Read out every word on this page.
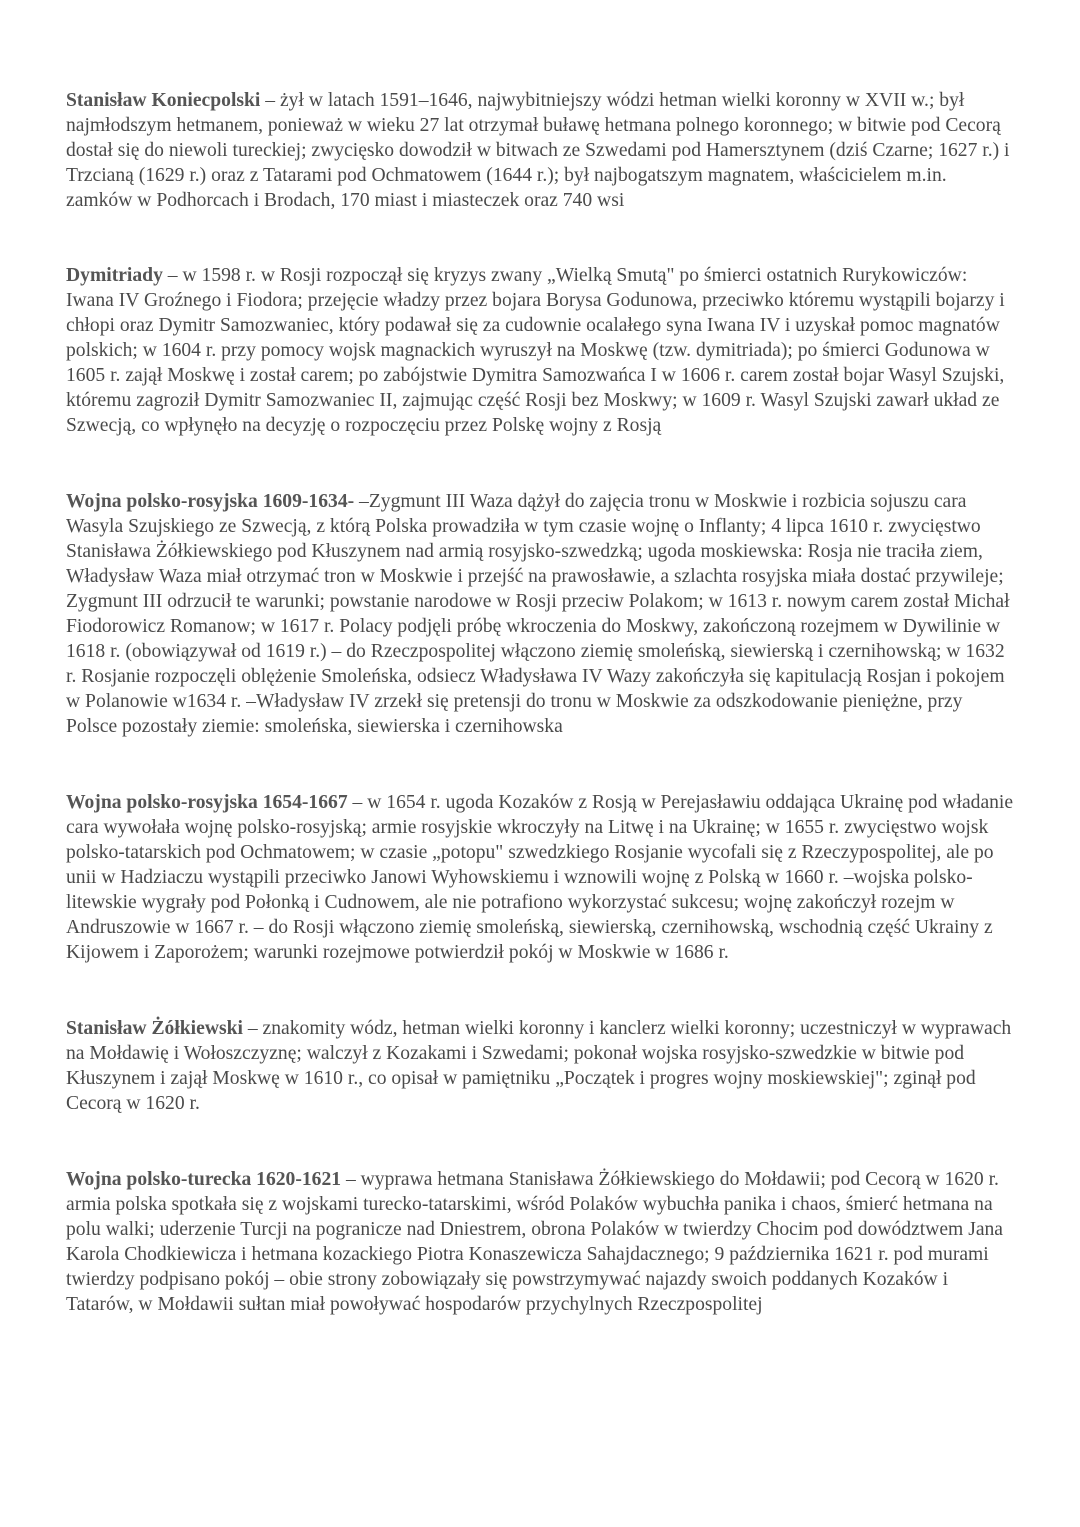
Stanisław Koniecpolski – żył w latach 1591–1646, najwybitniejszy wódzi hetman wielki koronny w XVII w.; był najmłodszym hetmanem, ponieważ w wieku 27 lat otrzymał buławę hetmana polnego koronnego; w bitwie pod Cecorą dostał się do niewoli tureckiej; zwycięsko dowodził w bitwach ze Szwedami pod Hamersztynem (dziś Czarne; 1627 r.) i Trzcianą (1629 r.) oraz z Tatarami pod Ochmatowem (1644 r.); był najbogatszym magnatem, właścicielem m.in. zamków w Podhorcach i Brodach, 170 miast i miasteczek oraz 740 wsi

Dymitriady – w 1598 r. w Rosji rozpoczął się kryzys zwany „Wielką Smutą" po śmierci ostatnich Rurykowiczów: Iwana IV Groźnego i Fiodora; przejęcie władzy przez bojara Borysa Godunowa, przeciwko któremu wystąpili bojarzy i chłopi oraz Dymitr Samozwaniec, który podawał się za cudownie ocalałego syna Iwana IV i uzyskał pomoc magnatów polskich; w 1604 r. przy pomocy wojsk magnackich wyruszył na Moskwę (tzw. dymitriada); po śmierci Godunowa w 1605 r. zajął Moskwę i został carem; po zabójstwie Dymitra Samozwańca I w 1606 r. carem został bojar Wasyl Szujski, któremu zagroził Dymitr Samozwaniec II, zajmując część Rosji bez Moskwy; w 1609 r. Wasyl Szujski zawarł układ ze Szwecją, co wpłynęło na decyzję o rozpoczęciu przez Polskę wojny z Rosją

Wojna polsko-rosyjska 1609-1634- –Zygmunt III Waza dążył do zajęcia tronu w Moskwie i rozbicia sojuszu cara Wasyla Szujskiego ze Szwecją, z którą Polska prowadziła w tym czasie wojnę o Inflanty; 4 lipca 1610 r. zwycięstwo Stanisława Żółkiewskiego pod Kłuszynem nad armią rosyjsko-szwedzką; ugoda moskiewska: Rosja nie traciła ziem, Władysław Waza miał otrzymać tron w Moskwie i przejść na prawosławie, a szlachta rosyjska miała dostać przywileje; Zygmunt III odrzucił te warunki; powstanie narodowe w Rosji przeciw Polakom; w 1613 r. nowym carem został Michał Fiodorowicz Romanow; w 1617 r. Polacy podjęli próbę wkroczenia do Moskwy, zakończoną rozejmem w Dywilinie w 1618 r. (obowiązywał od 1619 r.) – do Rzeczpospolitej włączono ziemię smoleńską, siewierską i czernihowską; w 1632 r. Rosjanie rozpoczęli oblężenie Smoleńska, odsiecz Władysława IV Wazy zakończyła się kapitulacją Rosjan i pokojem w Polanowie w1634 r. –Władysław IV zrzekł się pretensji do tronu w Moskwie za odszkodowanie pieniężne, przy Polsce pozostały ziemie: smoleńska, siewierska i czernihowska

Wojna polsko-rosyjska 1654-1667 – w 1654 r. ugoda Kozaków z Rosją w Perejasławiu oddająca Ukrainę pod władanie cara wywołała wojnę polsko-rosyjską; armie rosyjskie wkroczyły na Litwę i na Ukrainę; w 1655 r. zwycięstwo wojsk polsko-tatarskich pod Ochmatowem; w czasie „potopu" szwedzkiego Rosjanie wycofali się z Rzeczypospolitej, ale po unii w Hadziaczu wystąpili przeciwko Janowi Wyhowskiemu i wznowili wojnę z Polską w 1660 r. –wojska polsko-litewskie wygrały pod Połonką i Cudnowem, ale nie potrafiono wykorzystać sukcesu; wojnę zakończył rozejm w Andruszowie w 1667 r. – do Rosji włączono ziemię smoleńską, siewierską, czernihowską, wschodnią część Ukrainy z Kijowem i Zaporożem; warunki rozejmowe potwierdził pokój w Moskwie w 1686 r.

Stanisław Żółkiewski – znakomity wódz, hetman wielki koronny i kanclerz wielki koronny; uczestniczył w wyprawach na Mołdawię i Wołoszczyznę; walczył z Kozakami i Szwedami; pokonał wojska rosyjsko-szwedzkie w bitwie pod Kłuszynem i zajął Moskwę w 1610 r., co opisał w pamiętniku „Początek i progres wojny moskiewskiej"; zginął pod Cecorą w 1620 r.

Wojna polsko-turecka 1620-1621 – wyprawa hetmana Stanisława Żółkiewskiego do Mołdawii; pod Cecorą w 1620 r. armia polska spotkała się z wojskami turecko-tatarskimi, wśród Polaków wybuchła panika i chaos, śmierć hetmana na polu walki; uderzenie Turcji na pogranicze nad Dniestrem, obrona Polaków w twierdzy Chocim pod dowództwem Jana Karola Chodkiewicza i hetmana kozackiego Piotra Konaszewicza Sahajdacznego; 9 października 1621 r. pod murami twierdzy podpisano pokój – obie strony zobowiązały się powstrzymywać najazdy swoich poddanych Kozaków i Tatarów, w Mołdawii sułtan miał powoływać hospodarów przychylnych Rzeczpospolitej
